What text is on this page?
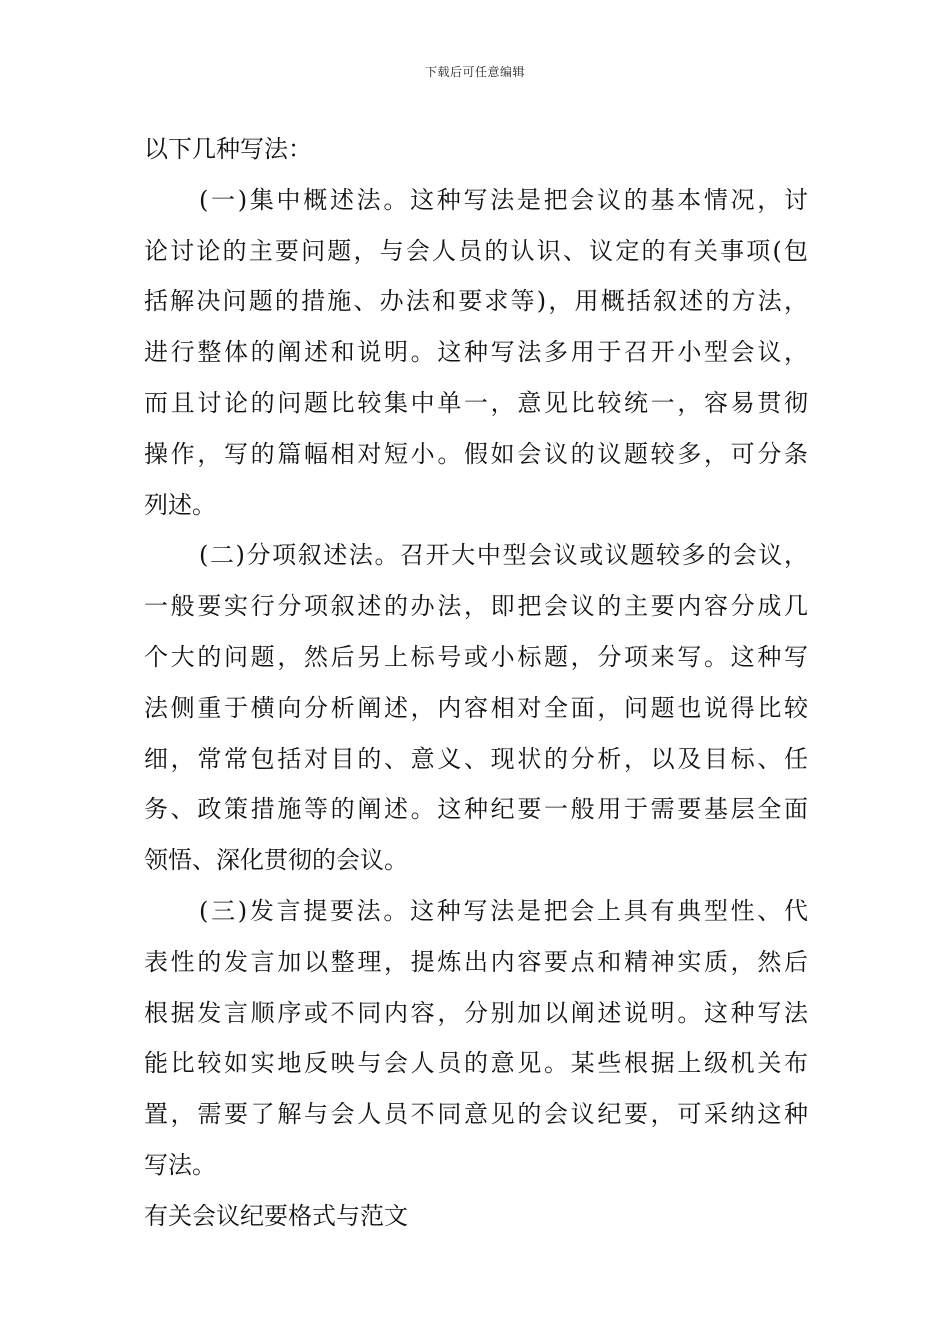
下载后可任意编辑
以下几种写法：
(一)集中概述法。这种写法是把会议的基本情况，讨
论讨论的主要问题，与会人员的认识、议定的有关事项(包
括解决问题的措施、办法和要求等)，用概括叙述的方法，
进行整体的阐述和说明。这种写法多用于召开小型会议，
而且讨论的问题比较集中单一，意见比较统一，容易贯彻
操作，写的篇幅相对短小。假如会议的议题较多，可分条
列述。
(二)分项叙述法。召开大中型会议或议题较多的会议，
一般要实行分项叙述的办法，即把会议的主要内容分成几
个大的问题，然后另上标号或小标题，分项来写。这种写
法侧重于横向分析阐述，内容相对全面，问题也说得比较
细，常常包括对目的、意义、现状的分析，以及目标、任
务、政策措施等的阐述。这种纪要一般用于需要基层全面
领悟、深化贯彻的会议。
(三)发言提要法。这种写法是把会上具有典型性、代
表性的发言加以整理，提炼出内容要点和精神实质，然后
根据发言顺序或不同内容，分别加以阐述说明。这种写法
能比较如实地反映与会人员的意见。某些根据上级机关布
置，需要了解与会人员不同意见的会议纪要，可采纳这种
写法。
有关会议纪要格式与范文
